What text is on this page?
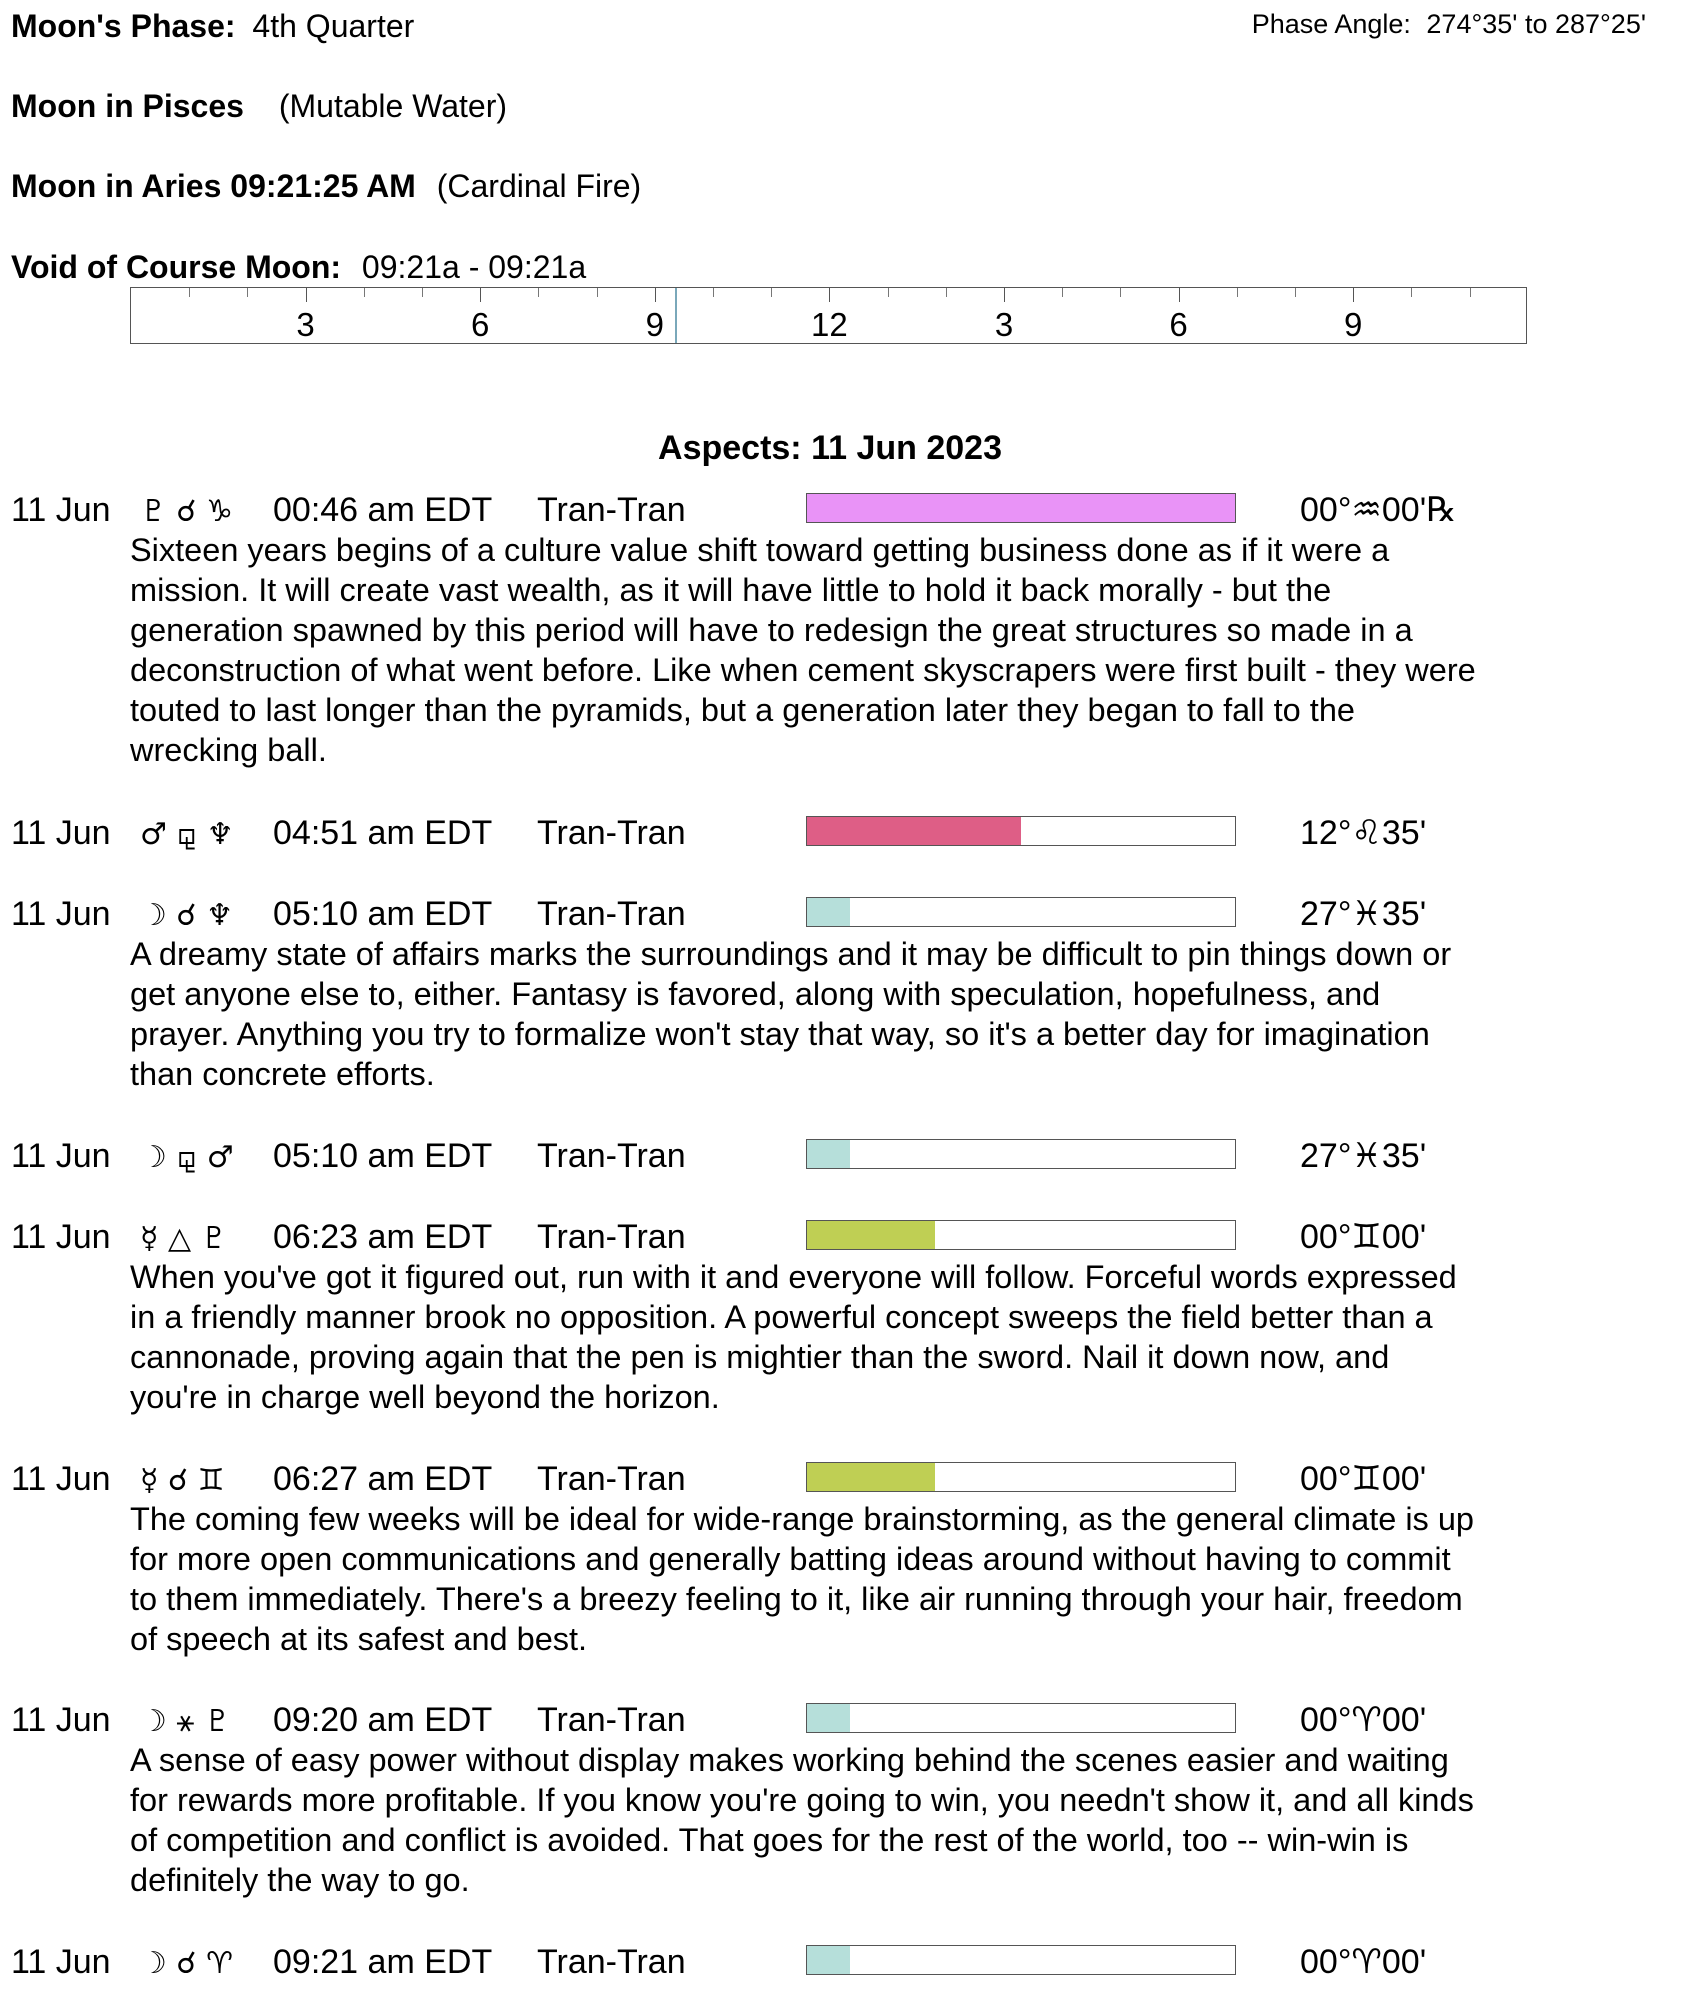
Moon's Phase: 4th Quarter	Phase Angle: 274°35' to 287°25'
Moon in Pisces (Mutable Water)
Moon in Aries 09:21:25 AM (Cardinal Fire)
Void of Course Moon: 09:21a - 09:21a
3	6	9	12	3	6	9
Aspects: 11 Jun 2023
11 Jun ♇ ☌ ♑ 00:46 am EDT Tran-Tran	00°♒00'℞
Sixteen years begins of a culture value shift toward getting business done as if it were a
mission. It will create vast wealth, as it will have little to hold it back morally - but the
generation spawned by this period will have to redesign the great structures so made in a
deconstruction of what went before. Like when cement skyscrapers were first built - they were
touted to last longer than the pyramids, but a generation later they began to fall to the
wrecking ball.
11 Jun ♂ ⚼ ♆ 04:51 am EDT Tran-Tran	12°♌35'
11 Jun ☽ ☌ ♆ 05:10 am EDT Tran-Tran	27°♓35'
A dreamy state of affairs marks the surroundings and it may be difficult to pin things down or
get anyone else to, either. Fantasy is favored, along with speculation, hopefulness, and
prayer. Anything you try to formalize won't stay that way, so it's a better day for imagination
than concrete efforts.
11 Jun ☽ ⚼ ♂ 05:10 am EDT Tran-Tran	27°♓35'
11 Jun ☿ △ ♇ 06:23 am EDT Tran-Tran	00°♊00'
When you've got it figured out, run with it and everyone will follow. Forceful words expressed
in a friendly manner brook no opposition. A powerful concept sweeps the field better than a
cannonade, proving again that the pen is mightier than the sword. Nail it down now, and
you're in charge well beyond the horizon.
11 Jun ☿ ☌ ♊ 06:27 am EDT Tran-Tran	00°♊00'
The coming few weeks will be ideal for wide-range brainstorming, as the general climate is up
for more open communications and generally batting ideas around without having to commit
to them immediately. There's a breezy feeling to it, like air running through your hair, freedom
of speech at its safest and best.
11 Jun ☽ ⚹ ♇ 09:20 am EDT Tran-Tran	00°♈00'
A sense of easy power without display makes working behind the scenes easier and waiting
for rewards more profitable. If you know you're going to win, you needn't show it, and all kinds
of competition and conflict is avoided. That goes for the rest of the world, too -- win-win is
definitely the way to go.
11 Jun ☽ ☌ ♈ 09:21 am EDT Tran-Tran	00°♈00'
